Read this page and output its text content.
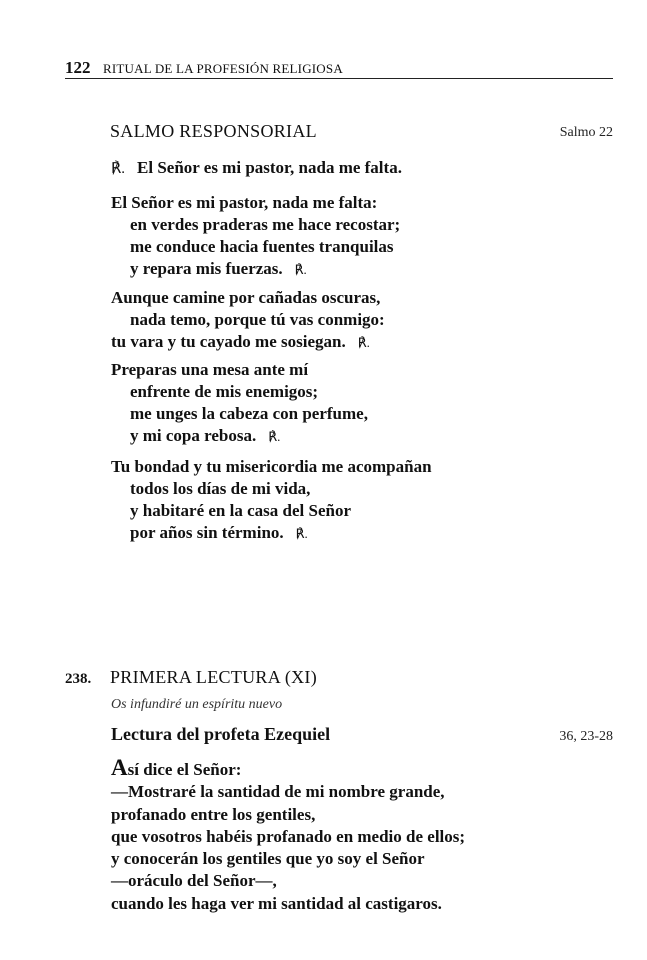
122 RITUAL DE LA PROFESIÓN RELIGIOSA
SALMO RESPONSORIAL	Salmo 22
℟. El Señor es mi pastor, nada me falta.
El Señor es mi pastor, nada me falta:
en verdes praderas me hace recostar;
me conduce hacia fuentes tranquilas
y repara mis fuerzas. ℟.
Aunque camine por cañadas oscuras,
nada temo, porque tú vas conmigo:
tu vara y tu cayado me sosiegan. ℟.
Preparas una mesa ante mí
enfrente de mis enemigos;
me unges la cabeza con perfume,
y mi copa rebosa. ℟.
Tu bondad y tu misericordia me acompañan
todos los días de mi vida,
y habitaré en la casa del Señor
por años sin término. ℟.
238. PRIMERA LECTURA (XI)
Os infundiré un espíritu nuevo
Lectura del profeta Ezequiel	36, 23-28
Así dice el Señor:
—Mostraré la santidad de mi nombre grande,
profanado entre los gentiles,
que vosotros habéis profanado en medio de ellos;
y conocerán los gentiles que yo soy el Señor
—oráculo del Señor—,
cuando les haga ver mi santidad al castigaros.
